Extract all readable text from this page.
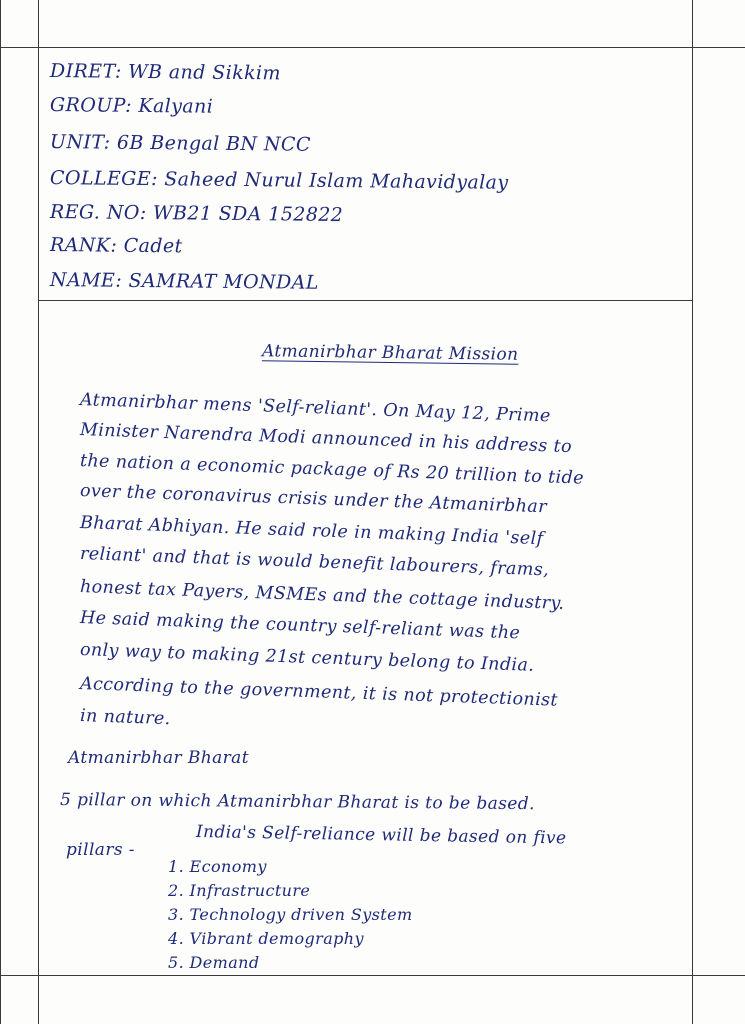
DIRET: WB and Sikkim
GROUP: Kalyani
UNIT: 6B Bengal BN NCC
COLLEGE: Saheed Nurul Islam Mahavidyalay
REG. NO: WB21 SDA 152822
RANK: Cadet
NAME: SAMRAT MONDAL
Atmanirbhar Bharat Mission
Atmanirbhar mens 'Self-reliant'. On May 12, Prime
Minister Narendra Modi announced in his address to
the nation a economic package of Rs 20 trillion to tide
over the coronavirus crisis under the Atmanirbhar
Bharat Abhiyan. He said role in making India 'self
reliant' and that is would benefit labourers, frams,
honest tax Payers, MSMEs and the cottage industry.
He said making the country self-reliant was the
only way to making 21st century belong to India.
According to the government, it is not protectionist
in nature.
Atmanirbhar Bharat
5 pillar on which Atmanirbhar Bharat is to be based.
India's Self-reliance will be based on five
pillars -
1. Economy
2. Infrastructure
3. Technology driven System
4. Vibrant demography
5. Demand
